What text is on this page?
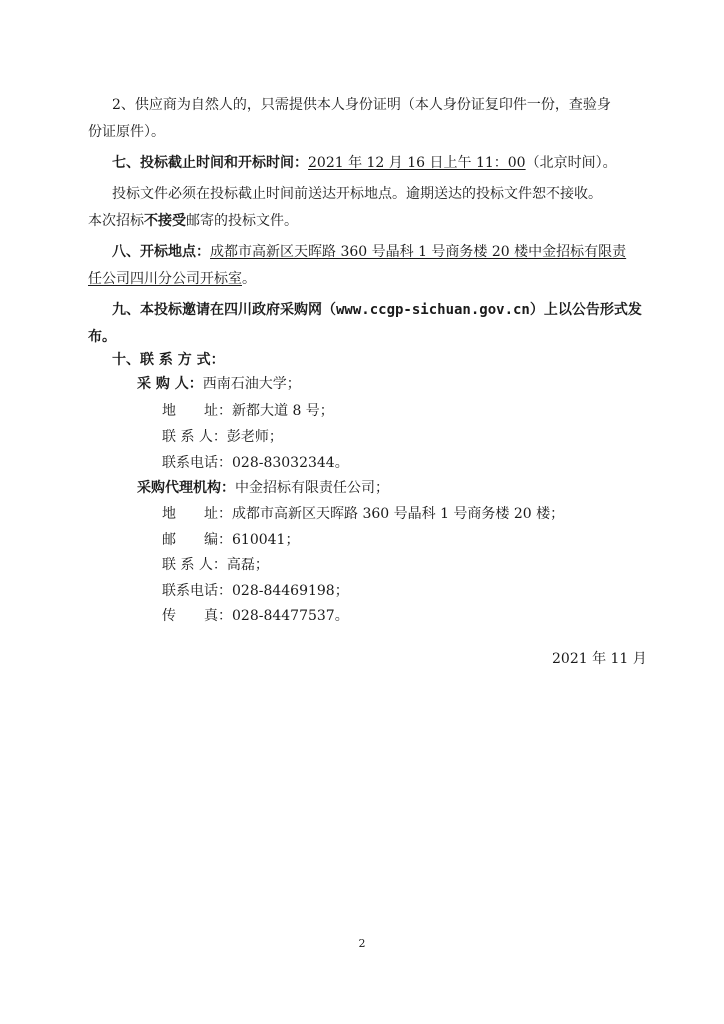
2、供应商为自然人的，只需提供本人身份证明（本人身份证复印件一份，查验身
份证原件）。
七、投标截止时间和开标时间：2021 年 12 月 16 日上午 11：00（北京时间）。
投标文件必须在投标截止时间前送达开标地点。逾期送达的投标文件恕不接收。
本次招标不接受邮寄的投标文件。
八、开标地点：成都市高新区天晖路 360 号晶科 1 号商务楼 20 楼中金招标有限责
任公司四川分公司开标室。
九、本投标邀请在四川政府采购网（www.ccgp-sichuan.gov.cn）上以公告形式发
布。
十、联 系 方 式：
采 购 人：西南石油大学；
地　　址：新都大道 8 号；
联 系 人：彭老师；
联系电话：028-83032344。
采购代理机构：中金招标有限责任公司；
地　　址：成都市高新区天晖路 360 号晶科 1 号商务楼 20 楼；
邮　　编：610041；
联 系 人：高磊；
联系电话：028-84469198；
传　　真：028-84477537。
2021 年 11 月
2
